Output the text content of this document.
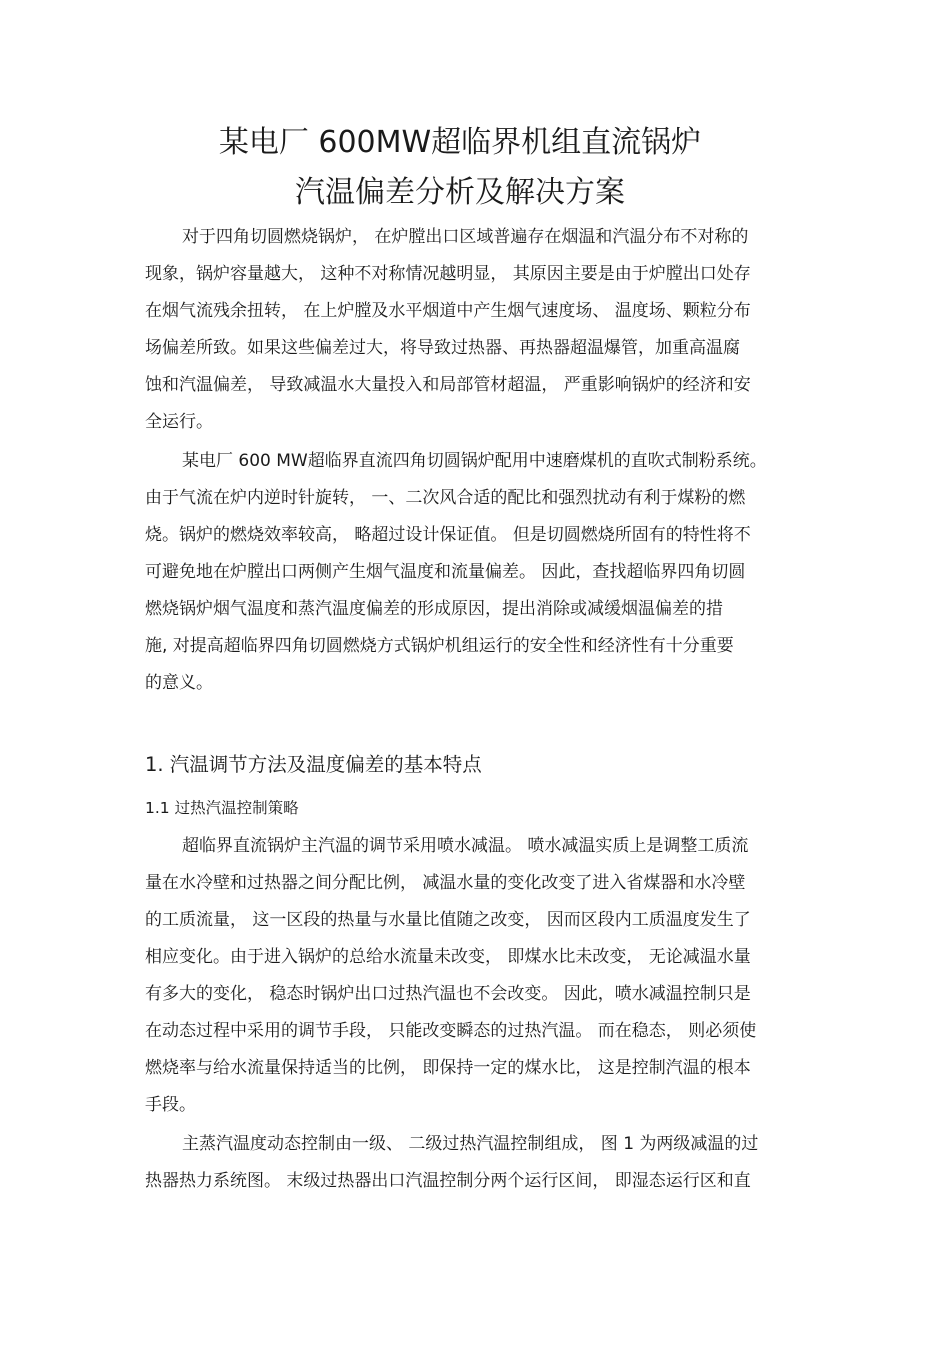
某电厂 600MW超临界机组直流锅炉
汽温偏差分析及解决方案
对于四角切圆燃烧锅炉， 在炉膛出口区域普遍存在烟温和汽温分布不对称的
现象，锅炉容量越大， 这种不对称情况越明显， 其原因主要是由于炉膛出口处存
在烟气流残余扭转， 在上炉膛及水平烟道中产生烟气速度场、 温度场、颗粒分布
场偏差所致。如果这些偏差过大，将导致过热器、再热器超温爆管，加重高温腐
蚀和汽温偏差， 导致减温水大量投入和局部管材超温， 严重影响锅炉的经济和安
全运行。
某电厂 600 MW超临界直流四角切圆锅炉配用中速磨煤机的直吹式制粉系统。
由于气流在炉内逆时针旋转， 一、二次风合适的配比和强烈扰动有利于煤粉的燃
烧。锅炉的燃烧效率较高， 略超过设计保证值。 但是切圆燃烧所固有的特性将不
可避免地在炉膛出口两侧产生烟气温度和流量偏差。 因此，查找超临界四角切圆
燃烧锅炉烟气温度和蒸汽温度偏差的形成原因，提出消除或减缓烟温偏差的措
施, 对提高超临界四角切圆燃烧方式锅炉机组运行的安全性和经济性有十分重要
的意义。
1. 汽温调节方法及温度偏差的基本特点
1.1 过热汽温控制策略
超临界直流锅炉主汽温的调节采用喷水减温。 喷水减温实质上是调整工质流
量在水冷壁和过热器之间分配比例， 减温水量的变化改变了进入省煤器和水冷壁
的工质流量， 这一区段的热量与水量比值随之改变， 因而区段内工质温度发生了
相应变化。由于进入锅炉的总给水流量未改变， 即煤水比未改变， 无论减温水量
有多大的变化， 稳态时锅炉出口过热汽温也不会改变。 因此，喷水减温控制只是
在动态过程中采用的调节手段， 只能改变瞬态的过热汽温。 而在稳态， 则必须使
燃烧率与给水流量保持适当的比例， 即保持一定的煤水比， 这是控制汽温的根本
手段。
主蒸汽温度动态控制由一级、 二级过热汽温控制组成， 图 1 为两级减温的过
热器热力系统图。 末级过热器出口汽温控制分两个运行区间， 即湿态运行区和直
